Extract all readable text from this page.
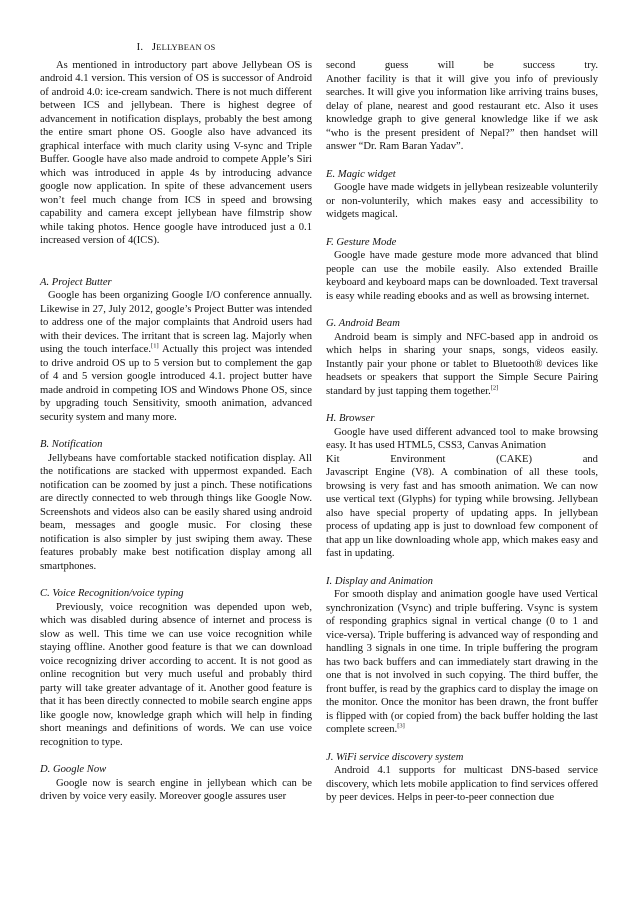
I. JELLYBEAN OS

As mentioned in introductory part above Jellybean OS is android 4.1 version. This version of OS is successor of Android of android 4.0: ice-cream sandwich. There is not much different between ICS and jellybean. There is highest degree of advancement in notification displays, probably the best among the entire smart phone OS. Google also have advanced its graphical interface with much clarity using V-sync and Triple Buffer. Google have also made android to compete Apple’s Siri which was introduced in apple 4s by introducing advance google now application. In spite of these advancement users won’t feel much change from ICS in speed and browsing capability and camera except jellybean have filmstrip show while taking photos. Hence google have introduced just a 0.1 increased version of 4(ICS).

A. Project Butter

Google has been organizing Google I/O conference annually. Likewise in 27, July 2012, google’s Project Butter was intended to address one of the major complaints that Android users had with their devices. The irritant that is screen lag. Majorly when using the touch interface.[1] Actually this project was intended to drive android OS up to 5 version but to complement the gap of 4 and 5 version google introduced 4.1. project butter have made android in competing IOS and Windows Phone OS, since by upgrading touch Sensitivity, smooth animation, advanced security system and many more.

B. Notification

Jellybeans have comfortable stacked notification display. All the notifications are stacked with uppermost expanded. Each notification can be zoomed by just a pinch. These notifications are directly connected to web through things like Google Now. Screenshots and videos also can be easily shared using android beam, messages and google music. For closing these notification is also simpler by just swiping them away. These features probably make best notification display among all smartphones.

C. Voice Recognition/voice typing

Previously, voice recognition was depended upon web, which was disabled during absence of internet and process is slow as well. This time we can use voice recognition while staying offline. Another good feature is that we can download voice recognizing driver according to accent. It is not good as online recognition but very much useful and probably third party will take greater advantage of it. Another good feature is that it has been directly connected to mobile search engine apps like google now, knowledge graph which will help in finding short meanings and definitions of words. We can use voice recognition to type.

D. Google Now

Google now is search engine in jellybean which can be driven by voice very easily. Moreover google assures user

second	guess	will	be	success	try.

Another facility is that it will give you info of previously searches. It will give you information like arriving trains buses, delay of plane, nearest and good restaurant etc. Also it uses knowledge graph to give general knowledge like if we ask “who is the present president of Nepal?” then handset will answer “Dr. Ram Baran Yadav”.

E. Magic widget

Google have made widgets in jellybean resizeable volunterily or non-volunterily, which makes easy and accessibility to widgets magical.

F. Gesture Mode

Google have made gesture mode more advanced that blind people can use the mobile easily. Also extended Braille keyboard and keyboard maps can be downloaded. Text traversal is easy while reading ebooks and as well as browsing internet.

G. Android Beam

Android beam is simply and NFC-based app in android os which helps in sharing your snaps, songs, videos easily. Instantly pair your phone or tablet to Bluetooth® devices like headsets or speakers that support the Simple Secure Pairing standard by just tapping them together.[2]

H. Browser

Google have used different advanced tool to make browsing easy. It has used HTML5, CSS3, Canvas Animation

Kit	Environment	(CAKE)	and

Javascript Engine (V8). A combination of all these tools, browsing is very fast and has smooth animation. We can now use vertical text (Glyphs) for typing while browsing. Jellybean also have special property of updating apps. In jellybean process of updating app is just to download few component of that app un like downloading whole app, which makes easy and fast in updating.

I. Display and Animation

For smooth display and animation google have used Vertical synchronization (Vsync) and triple buffering. Vsync is system of responding graphics signal in vertical change (0 to 1 and vice-versa). Triple buffering is advanced way of responding and handling 3 signals in one time. In triple buffering the program has two back buffers and can immediately start drawing in the one that is not involved in such copying. The third buffer, the front buffer, is read by the graphics card to display the image on the monitor. Once the monitor has been drawn, the front buffer is flipped with (or copied from) the back buffer holding the last complete screen.[3]

J. WiFi service discovery system

Android 4.1 supports for multicast DNS-based service discovery, which lets mobile application to find services offered by peer devices. Helps in peer-to-peer connection due
